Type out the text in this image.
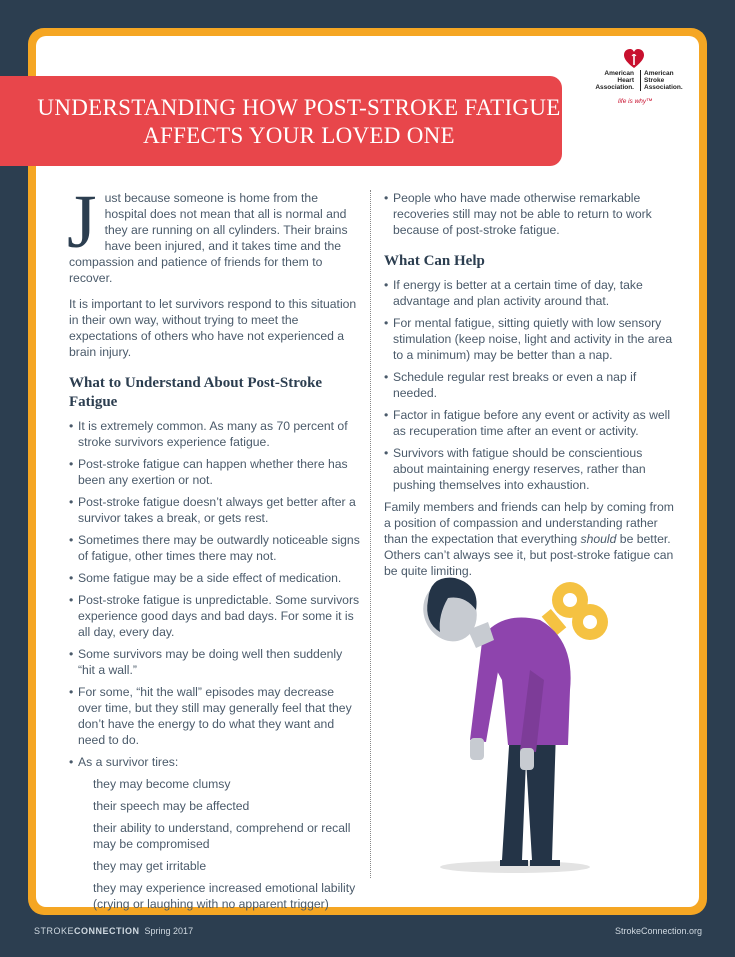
UNDERSTANDING HOW POST-STROKE FATIGUE AFFECTS YOUR LOVED ONE
American Heart Association.
American Stroke Association.
life is why™

Just because someone is home from the hospital does not mean that all is normal and they are running on all cylinders. Their brains have been injured, and it takes time and the compassion and patience of friends for them to recover.

It is important to let survivors respond to this situation in their own way, without trying to meet the expectations of others who have not experienced a brain injury.

What to Understand About Post-Stroke Fatigue
• It is extremely common. As many as 70 percent of stroke survivors experience fatigue.
• Post-stroke fatigue can happen whether there has been any exertion or not.
• Post-stroke fatigue doesn’t always get better after a survivor takes a break, or gets rest.
• Sometimes there may be outwardly noticeable signs of fatigue, other times there may not.
• Some fatigue may be a side effect of medication.
• Post-stroke fatigue is unpredictable. Some survivors experience good days and bad days. For some it is all day, every day.
• Some survivors may be doing well then suddenly “hit a wall.”
• For some, “hit the wall” episodes may decrease over time, but they still may generally feel that they don’t have the energy to do what they want and need to do.
• As a survivor tires:
they may become clumsy
their speech may be affected
their ability to understand, comprehend or recall may be compromised
they may get irritable
they may experience increased emotional lability (crying or laughing with no apparent trigger)
• People who have made otherwise remarkable recoveries still may not be able to return to work because of post-stroke fatigue.
What Can Help
• If energy is better at a certain time of day, take advantage and plan activity around that.
• For mental fatigue, sitting quietly with low sensory stimulation (keep noise, light and activity in the area to a minimum) may be better than a nap.
• Schedule regular rest breaks or even a nap if needed.
• Factor in fatigue before any event or activity as well as recuperation time after an event or activity.
• Survivors with fatigue should be conscientious about maintaining energy reserves, rather than pushing themselves into exhaustion.

Family members and friends can help by coming from a position of compassion and understanding rather than the expectation that everything should be better. Others can’t always see it, but post-stroke fatigue can be quite limiting.

STROKECONNECTION Spring 2017	StrokeConnection.org
